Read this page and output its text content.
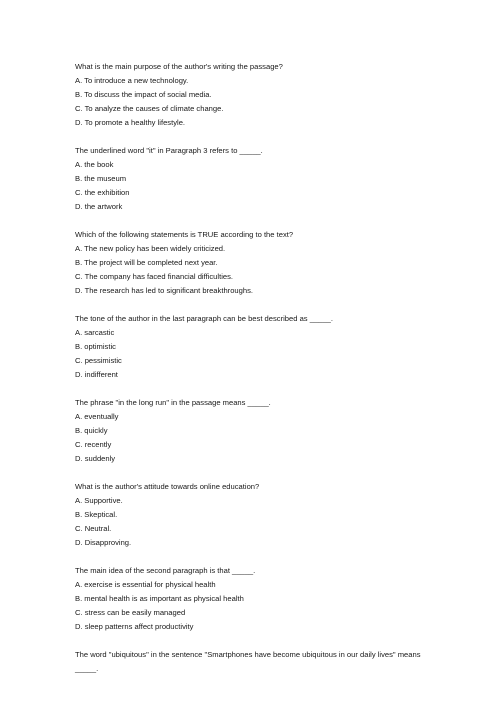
What is the main purpose of the author's writing the passage?
A. To introduce a new technology.
B. To discuss the impact of social media.
C. To analyze the causes of climate change.
D. To promote a healthy lifestyle.
The underlined word "it" in Paragraph 3 refers to _____.
A. the book
B. the museum
C. the exhibition
D. the artwork
Which of the following statements is TRUE according to the text?
A. The new policy has been widely criticized.
B. The project will be completed next year.
C. The company has faced financial difficulties.
D. The research has led to significant breakthroughs.
The tone of the author in the last paragraph can be best described as _____.
A. sarcastic
B. optimistic
C. pessimistic
D. indifferent
The phrase "in the long run" in the passage means _____.
A. eventually
B. quickly
C. recently
D. suddenly
What is the author's attitude towards online education?
A. Supportive.
B. Skeptical.
C. Neutral.
D. Disapproving.
The main idea of the second paragraph is that _____.
A. exercise is essential for physical health
B. mental health is as important as physical health
C. stress can be easily managed
D. sleep patterns affect productivity
The word "ubiquitous" in the sentence "Smartphones have become ubiquitous in our daily lives" means _____.
